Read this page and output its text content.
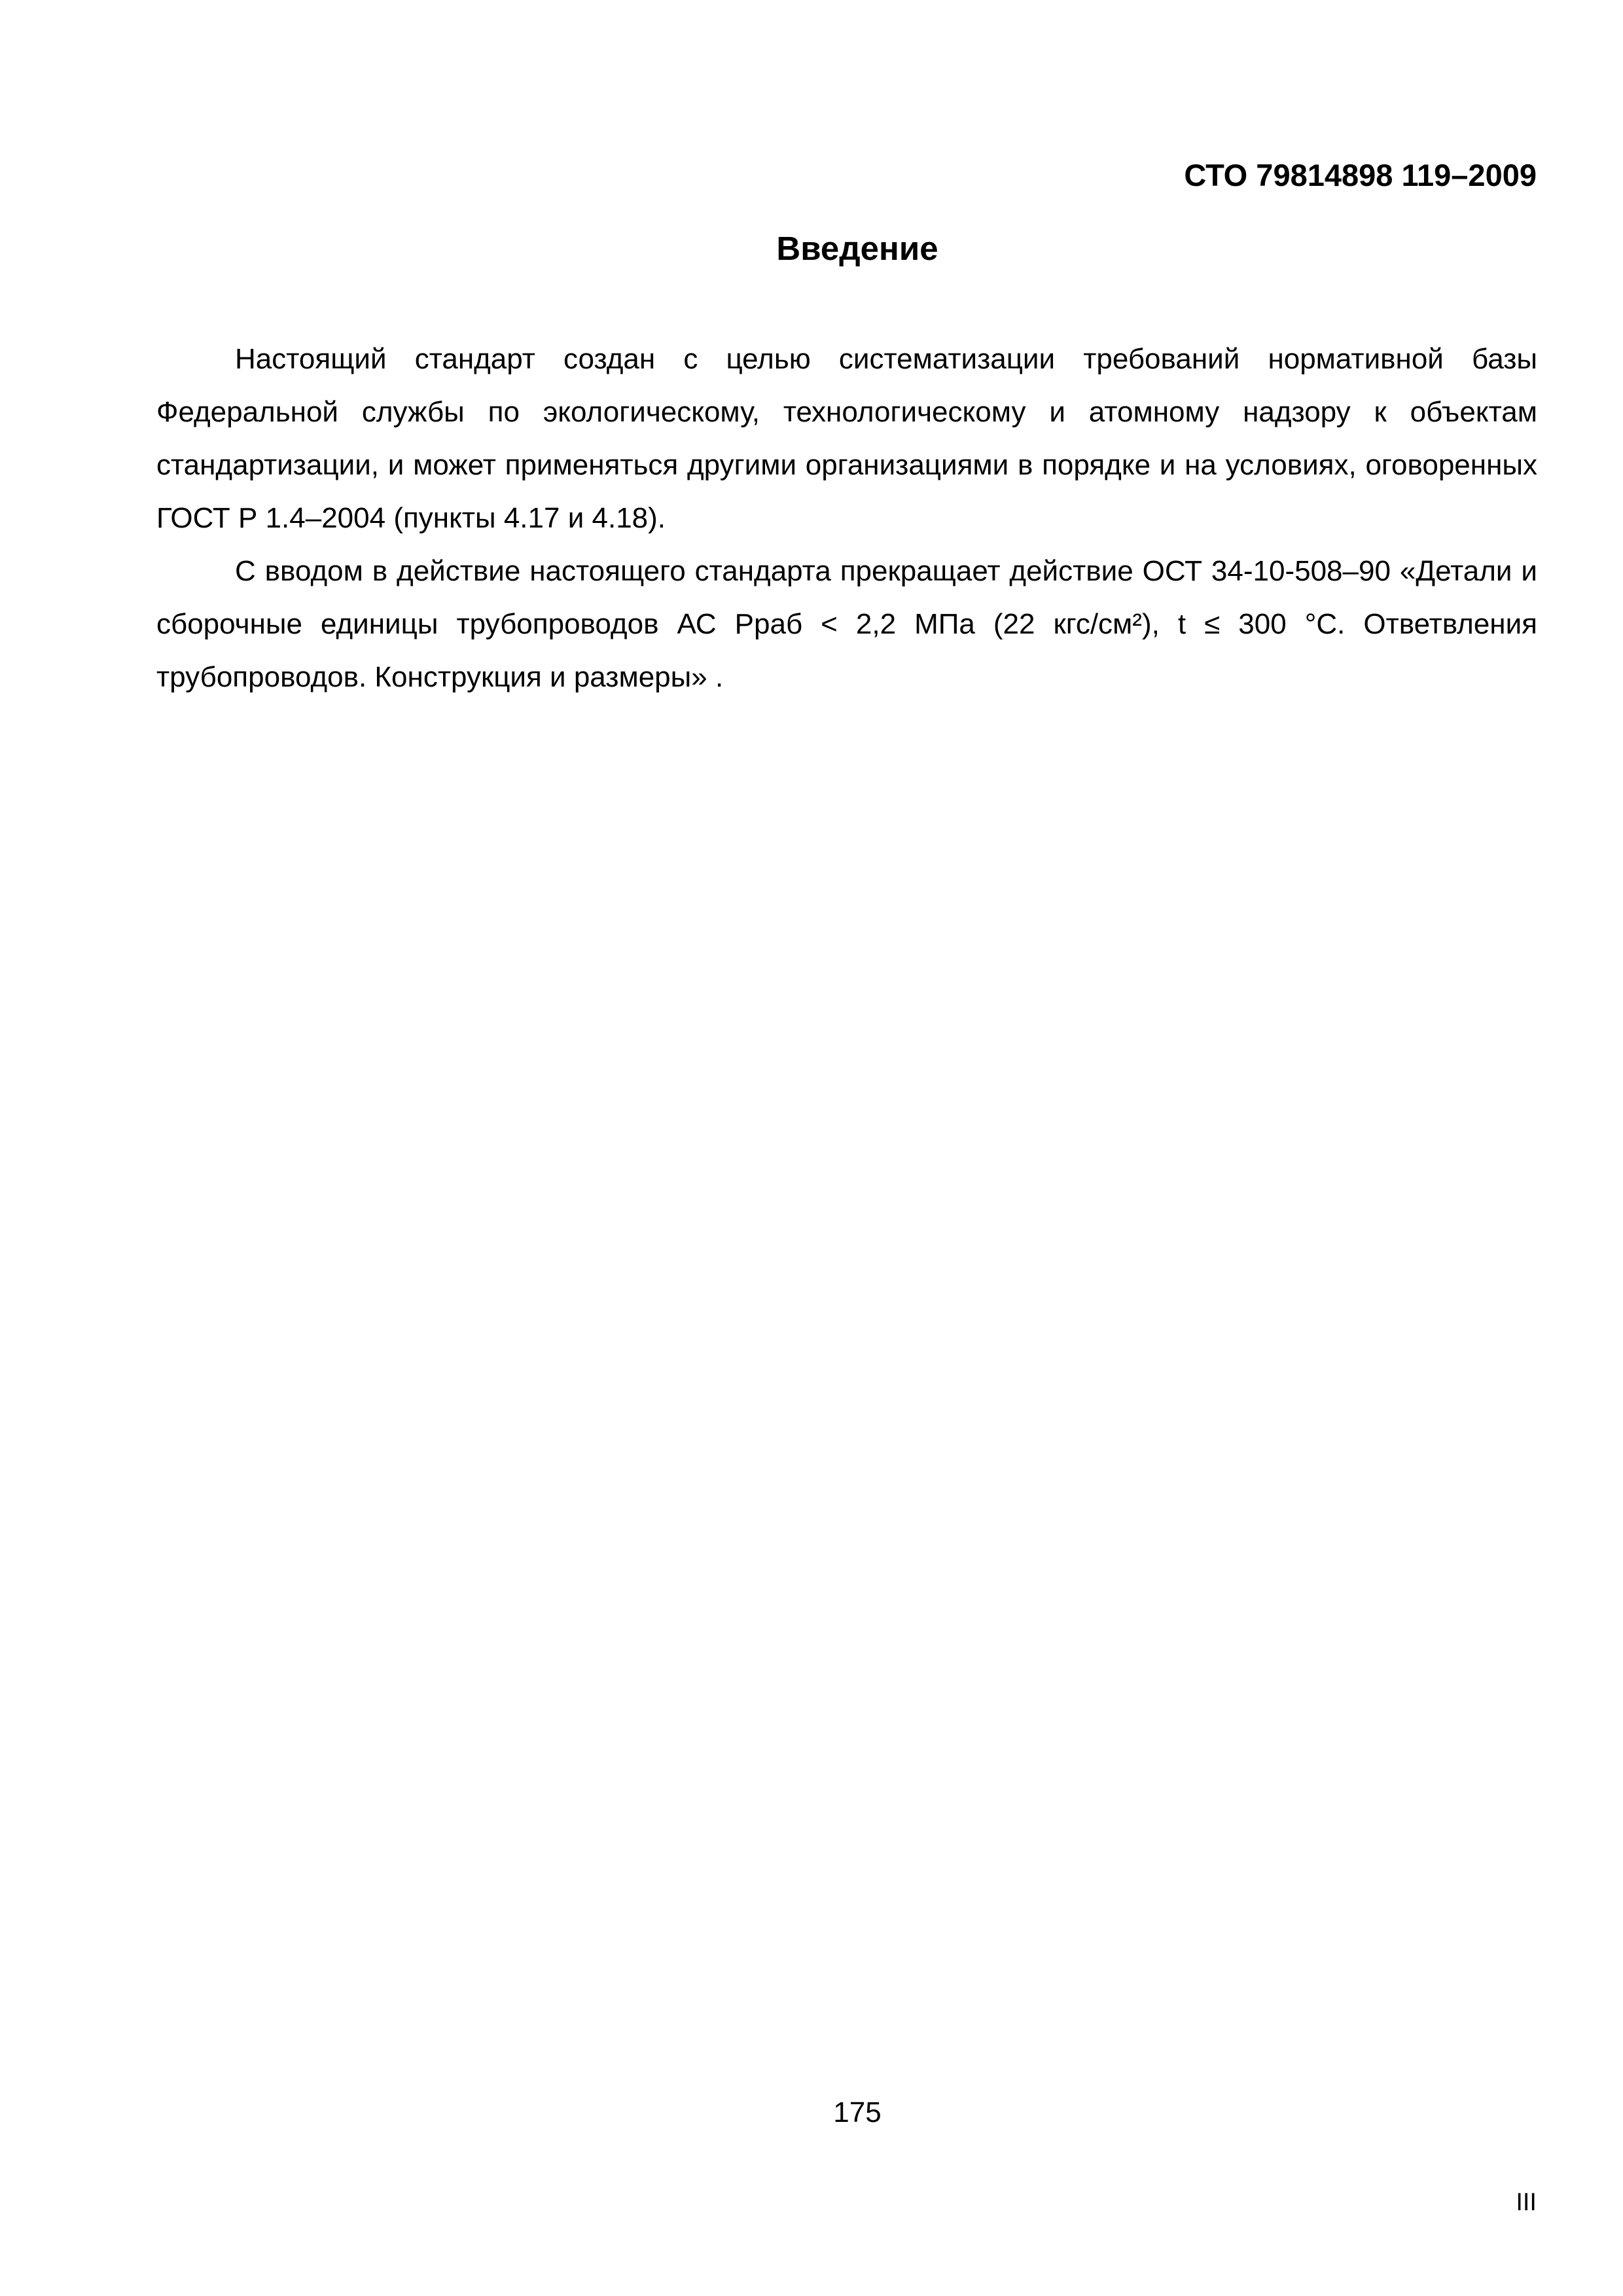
СТО 79814898 119–2009
Введение

Настоящий стандарт создан с целью систематизации требований нормативной базы Федеральной службы по экологическому, технологическому и атомному надзору к объектам стандартизации, и может применяться другими организациями в порядке и на условиях, оговоренных ГОСТ Р 1.4–2004 (пункты 4.17 и 4.18).

С вводом в действие настоящего стандарта прекращает действие ОСТ 34-10-508–90 «Детали и сборочные единицы трубопроводов АС Рраб < 2,2 МПа (22 кгс/см²), t ≤ 300 °С. Ответвления трубопроводов. Конструкция и размеры» .

175
III
